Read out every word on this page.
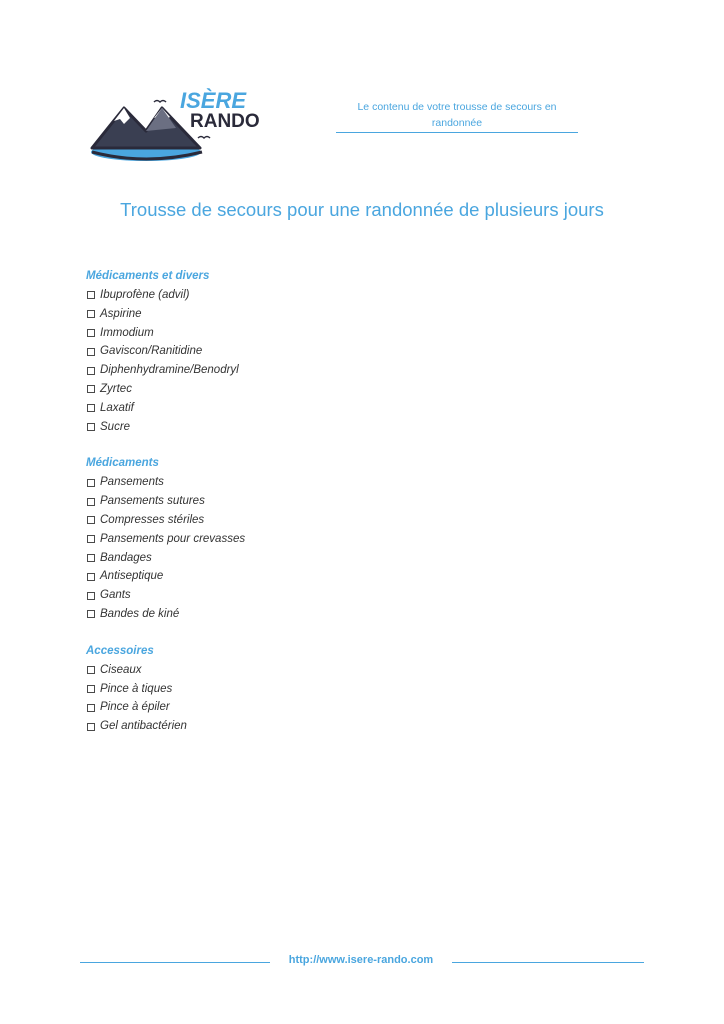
ISÈRE
RANDO
Le contenu de votre trousse de secours en randonnée
Trousse de secours pour une randonnée de plusieurs jours
Médicaments et divers
Ibuprofène (advil)
Aspirine
Immodium
Gaviscon/Ranitidine
Diphenhydramine/Benodryl
Zyrtec
Laxatif
Sucre
Médicaments
Pansements
Pansements sutures
Compresses stériles
Pansements pour crevasses
Bandages
Antiseptique
Gants
Bandes de kiné
Accessoires
Ciseaux
Pince à tiques
Pince à épiler
Gel antibactérien
http://www.isere-rando.com
